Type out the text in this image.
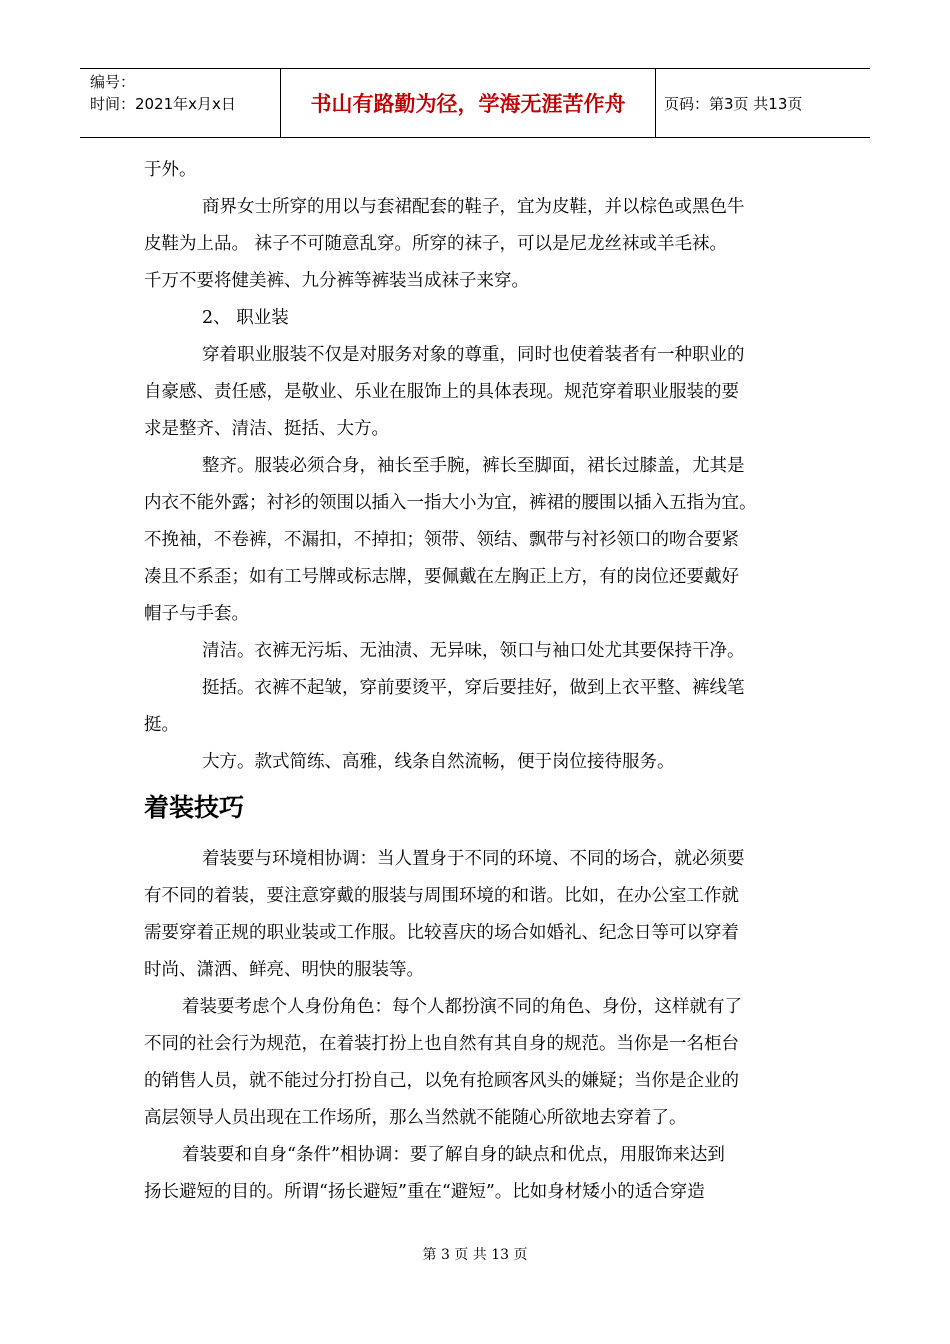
编号：
时间：2021年x月x日	书山有路勤为径，学海无涯苦作舟	页码：第3页 共13页
于外。
商界女士所穿的用以与套裙配套的鞋子，宜为皮鞋，并以棕色或黑色牛
皮鞋为上品。 袜子不可随意乱穿。所穿的袜子，可以是尼龙丝袜或羊毛袜。
千万不要将健美裤、九分裤等裤装当成袜子来穿。
2、 职业装
穿着职业服装不仅是对服务对象的尊重，同时也使着装者有一种职业的
自豪感、责任感，是敬业、乐业在服饰上的具体表现。规范穿着职业服装的要
求是整齐、清洁、挺括、大方。
整齐。服装必须合身，袖长至手腕，裤长至脚面，裙长过膝盖，尤其是
内衣不能外露；衬衫的领围以插入一指大小为宜，裤裙的腰围以插入五指为宜。
不挽袖，不卷裤，不漏扣，不掉扣；领带、领结、飘带与衬衫领口的吻合要紧
凑且不系歪；如有工号牌或标志牌，要佩戴在左胸正上方，有的岗位还要戴好
帽子与手套。
清洁。衣裤无污垢、无油渍、无异味，领口与袖口处尤其要保持干净。
挺括。衣裤不起皱，穿前要烫平，穿后要挂好，做到上衣平整、裤线笔
挺。
大方。款式简练、高雅，线条自然流畅，便于岗位接待服务。
着装技巧
着装要与环境相协调：当人置身于不同的环境、不同的场合，就必须要
有不同的着装，要注意穿戴的服装与周围环境的和谐。比如，在办公室工作就
需要穿着正规的职业装或工作服。比较喜庆的场合如婚礼、纪念日等可以穿着
时尚、潇洒、鲜亮、明快的服装等。
着装要考虑个人身份角色：每个人都扮演不同的角色、身份，这样就有了
不同的社会行为规范，在着装打扮上也自然有其自身的规范。当你是一名柜台
的销售人员，就不能过分打扮自己，以免有抢顾客风头的嫌疑；当你是企业的
高层领导人员出现在工作场所，那么当然就不能随心所欲地去穿着了。
着装要和自身“条件”相协调：要了解自身的缺点和优点，用服饰来达到
扬长避短的目的。所谓“扬长避短”重在“避短”。比如身材矮小的适合穿造
第 3 页 共 13 页
